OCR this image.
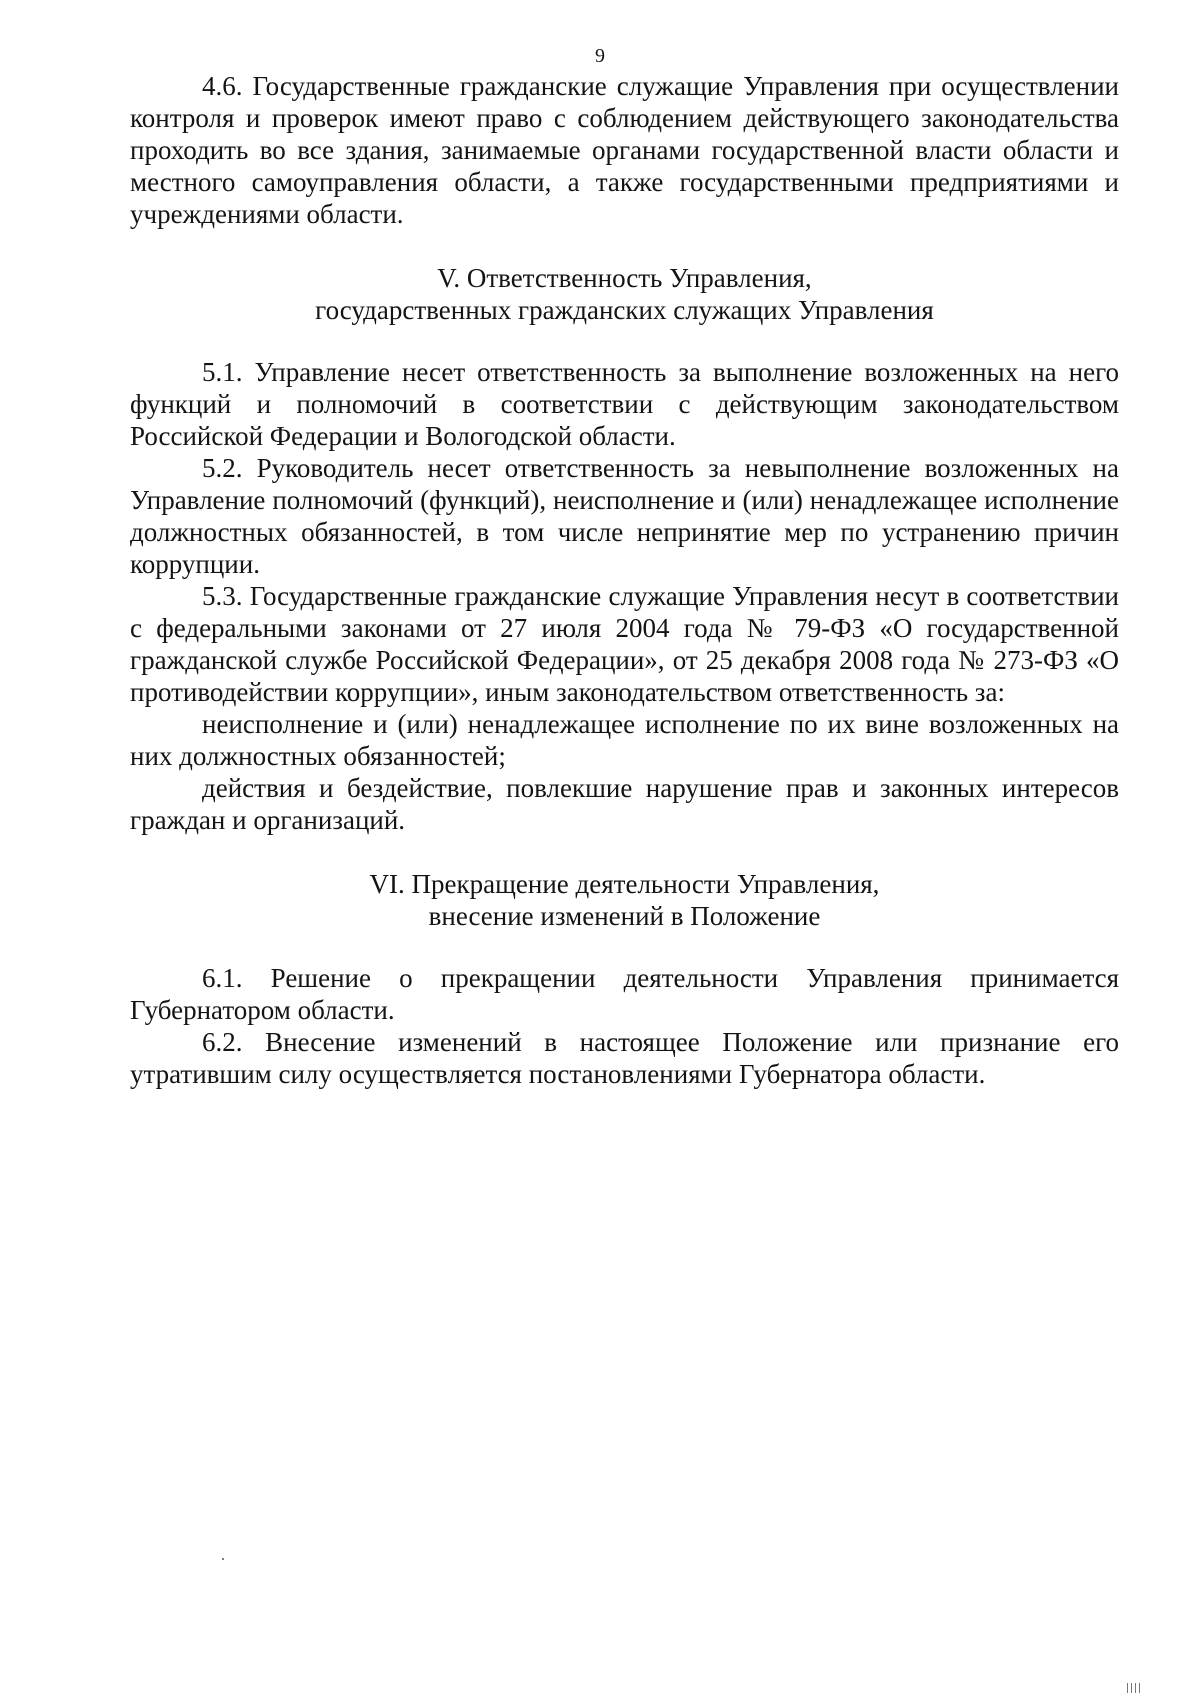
9

4.6. Государственные гражданские служащие Управления при осуществлении контроля и проверок имеют право с соблюдением действующего законодательства проходить во все здания, занимаемые органами государственной власти области и местного самоуправления области, а также государственными предприятиями и учреждениями области.

V. Ответственность Управления,
государственных гражданских служащих Управления

5.1. Управление несет ответственность за выполнение возложенных на него функций и полномочий в соответствии с действующим законодательством Российской Федерации и Вологодской области.

5.2. Руководитель несет ответственность за невыполнение возложенных на Управление полномочий (функций), неисполнение и (или) ненадлежащее исполнение должностных обязанностей, в том числе непринятие мер по устранению причин коррупции.

5.3. Государственные гражданские служащие Управления несут в соответствии с федеральными законами от 27 июля 2004 года № 79-ФЗ «О государственной гражданской службе Российской Федерации», от 25 декабря 2008 года № 273-ФЗ «О противодействии коррупции», иным законодательством ответственность за:

неисполнение и (или) ненадлежащее исполнение по их вине возложенных на них должностных обязанностей;

действия и бездействие, повлекшие нарушение прав и законных интересов граждан и организаций.

VI. Прекращение деятельности Управления,
внесение изменений в Положение

6.1. Решение о прекращении деятельности Управления принимается Губернатором области.

6.2. Внесение изменений в настоящее Положение или признание его утратившим силу осуществляется постановлениями Губернатора области.
